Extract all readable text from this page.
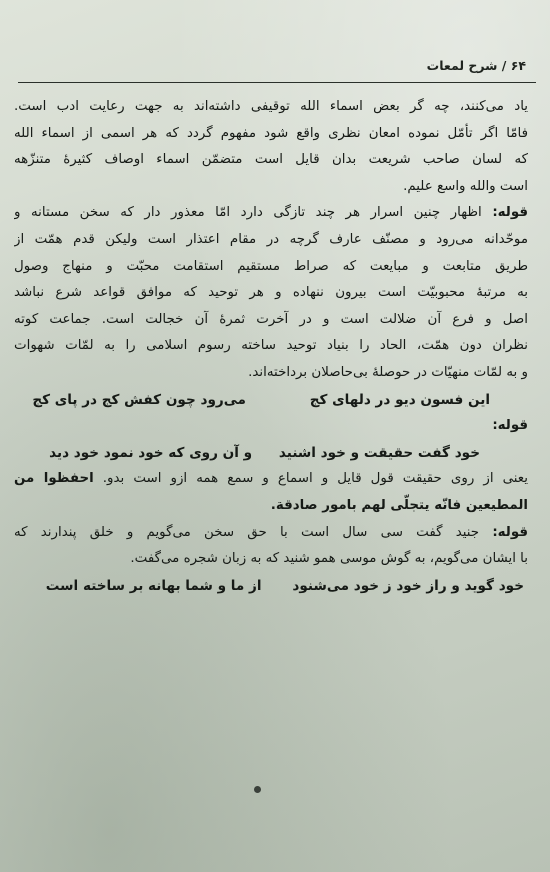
۶۴ / شرح لمعات
یاد می‌کنند، چه گر بعض اسماء الله توقیفی داشته‌اند به جهت رعایت ادب است.
فامّا اگر تأمّل نموده امعان نظری واقع شود مفهوم گردد که هر اسمی از اسماء الله
که لسان صاحب شریعت بدان قایل است متضمّن اسماء اوصاف کثیرهٔ متنزّهه
است والله واسع علیم.
قوله: اظهار چنین اسرار هر چند تازگی دارد امّا معذور دار که سخن مستانه و
موحّدانه می‌رود و مصنّف عارف گرچه در مقام اعتذار است ولیکن قدم همّت از
طریق متابعت و مبایعت که صراط مستقیم استقامت محبّت و منهاج وصول
به مرتبهٔ محبوبیّت است بیرون ننهاده و هر توحید که موافق قواعد شرع نباشد
اصل و فرع آن ضلالت است و در آخرت ثمرهٔ آن خجالت است. جماعت کوته
نظران دون همّت، الحاد را بنیاد توحید ساخته رسوم اسلامی را به لمّات شهوات
و به لمّات منهیّات در حوصلهٔ بی‌حاصلان برداخته‌اند.
این فسون دیو در دلهای کج
می‌رود چون کفش کج در پای کج
قوله:
خود گفت حقیقت و خود اشنید
و آن روی که خود نمود خود دید
یعنی از روی حقیقت قول قایل و اسماع و سمع همه ازو است بدو. احفظوا من
المطیعین فانّه یتجلّی لهم بامور صادقة.
قوله: جنید گفت سی سال است با حق سخن می‌گویم و خلق پندارند که
با ایشان می‌گویم، به گوش موسی همو شنید که به زبان شجره می‌گفت.
خود گوید و راز خود ز خود می‌شنود
از ما و شما بهانه بر ساخته است
